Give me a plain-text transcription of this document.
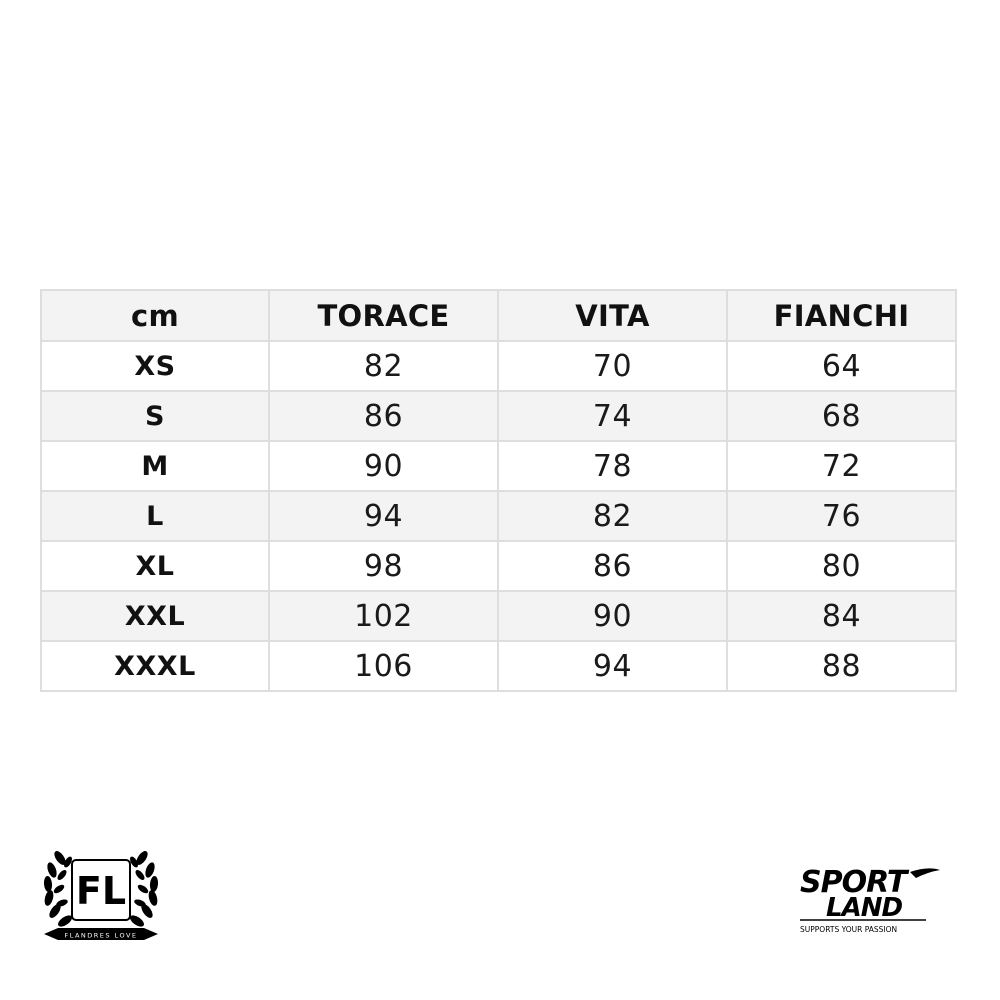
cm	TORACE	VITA	FIANCHI
XS	82	70	64
S	86	74	68
M	90	78	72
L	94	82	76
XL	98	86	80
XXL	102	90	84
XXXL	106	94	88
FL
FLANDRES LOVE
SPORT
LAND
SUPPORTS YOUR PASSION
